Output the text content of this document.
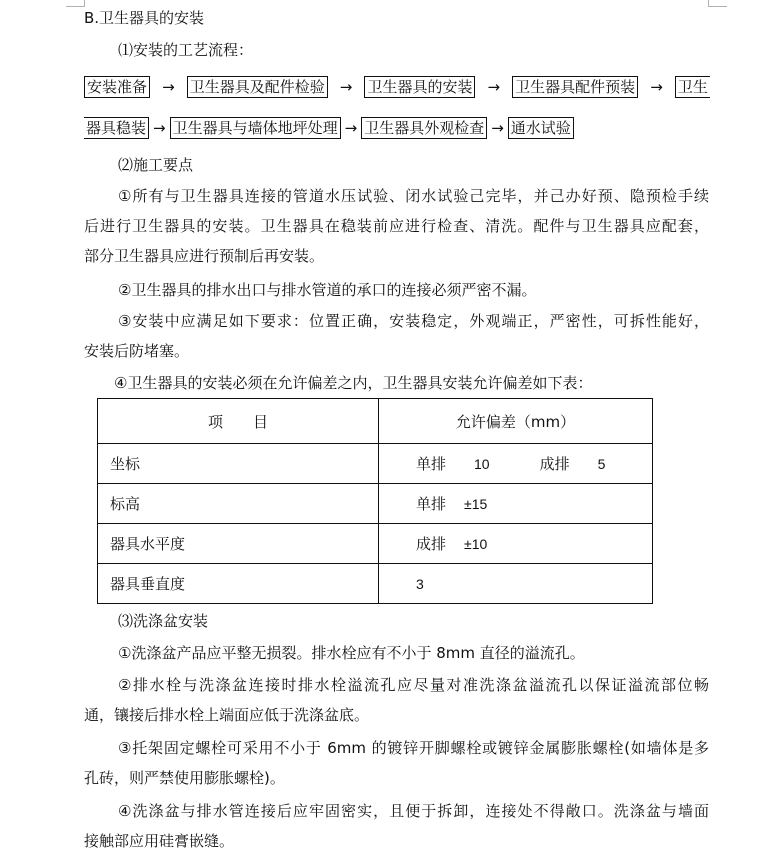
B.卫生器具的安装
⑴安装的工艺流程：
安装准备 → 卫生器具及配件检验 → 卫生器具的安装 → 卫生器具配件预装 → 卫生
器具稳装 → 卫生器具与墙体地坪处理 → 卫生器具外观检查 → 通水试验
⑵施工要点
①所有与卫生器具连接的管道水压试验、闭水试验己完毕，并己办好预、隐预检手续
后进行卫生器具的安装。卫生器具在稳装前应进行检查、清洗。配件与卫生器具应配套，
部分卫生器具应进行预制后再安装。
②卫生器具的排水出口与排水管道的承口的连接必须严密不漏。
③安装中应满足如下要求：位置正确，安装稳定，外观端正，严密性，可拆性能好，
安装后防堵塞。
④卫生器具的安装必须在允许偏差之内，卫生器具安装允许偏差如下表：
项　　目	允许偏差（mm）
坐标	单排 10 成排 5
标高	单排 ±15
器具水平度	成排 ±10
器具垂直度	3
⑶洗涤盆安装
①洗涤盆产品应平整无损裂。排水栓应有不小于 8mm 直径的溢流孔。
②排水栓与洗涤盆连接时排水栓溢流孔应尽量对准洗涤盆溢流孔以保证溢流部位畅
通，镶接后排水栓上端面应低于洗涤盆底。
③托架固定螺栓可采用不小于 6mm 的镀锌开脚螺栓或镀锌金属膨胀螺栓(如墙体是多
孔砖，则严禁使用膨胀螺栓)。
④洗涤盆与排水管连接后应牢固密实，且便于拆卸，连接处不得敞口。洗涤盆与墙面
接触部应用硅膏嵌缝。
